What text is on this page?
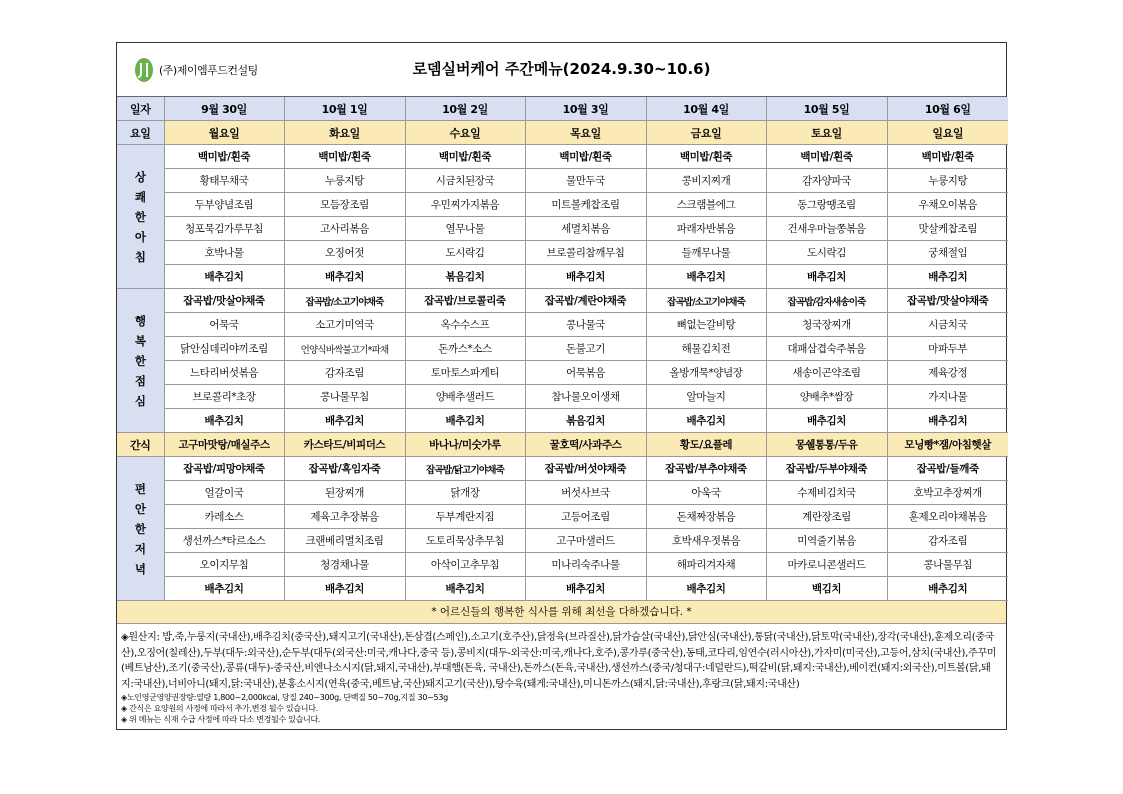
(주)제이엠푸드컨설팅	로뎀실버케어 주간메뉴(2024.9.30~10.6)
일자	9월 30일	10월 1일	10월 2일	10월 3일	10월 4일	10월 5일	10월 6일
요일	월요일	화요일	수요일	목요일	금요일	토요일	일요일
상
쾌
한
아
침	백미밥/흰죽	백미밥/흰죽	백미밥/흰죽	백미밥/흰죽	백미밥/흰죽	백미밥/흰죽	백미밥/흰죽
	황태무채국	누룽지탕	시금치된장국	물만두국	콩비지찌개	감자양파국	누룽지탕
	두부양념조림	모듬장조림	우민찌가지볶음	미트볼케찹조림	스크램블에그	동그랑땡조림	우채오이볶음
	청포묵김가루무침	고사리볶음	열무나물	세멸치볶음	파래자반볶음	건새우마늘쫑볶음	맛살케찹조림
	호박나물	오징어젓	도시락김	브로콜리참깨무침	들깨무나물	도시락김	궁채절임
	배추김치	배추김치	볶음김치	배추김치	배추김치	배추김치	배추김치
행
복
한
점
심	잡곡밥/맛살야채죽	잡곡밥/소고기야채죽	잡곡밥/브로콜리죽	잡곡밥/계란야채죽	잡곡밥/소고기야채죽	잡곡밥/감자새송이죽	잡곡밥/맛살야채죽
	어묵국	소고기미역국	옥수수스프	콩나물국	뼈없는갈비탕	청국장찌개	시금치국
	닭안심데리야끼조림	언양식바싹불고기*파채	돈까스*소스	돈불고기	해물김치전	대패삼겹숙주볶음	마파두부
	느타리버섯볶음	감자조림	토마토스파게티	어묵볶음	올방개묵*양념장	새송이곤약조림	제육강정
	브로콜리*초장	콩나물무침	양배추샐러드	참나물오이생채	알마늘지	양배추*쌈장	가지나물
	배추김치	배추김치	배추김치	볶음김치	배추김치	배추김치	배추김치
간식	고구마맛탕/매실주스	카스타드/비피더스	바나나/미숫가루	꿀호떡/사과주스	황도/요플레	몽쉘통통/두유	모닝빵*잼/아침햇살
편
안
한
저
녁	잡곡밥/피망야채죽	잡곡밥/흑임자죽	잡곡밥/닭고기야채죽	잡곡밥/버섯야채죽	잡곡밥/부추야채죽	잡곡밥/두부야채죽	잡곡밥/들깨죽
	얼갈이국	된장찌개	닭개장	버섯사브국	아욱국	수제비김치국	호박고추장찌개
	카레소스	제육고추장볶음	두부계란지짐	고등어조림	돈채짜장볶음	계란장조림	훈제오리야채볶음
	생선까스*타르소스	크랜베리멸치조림	도토리묵상추무침	고구마샐러드	호박새우젓볶음	미역줄기볶음	감자조림
	오이지무침	청경채나물	아삭이고추무침	미나리숙주나물	해파리겨자채	마카로니콘샐러드	콩나물무침
	배추김치	배추김치	배추김치	배추김치	배추김치	백김치	배추김치
* 어르신들의 행복한 식사를 위해 최선을 다하겠습니다. *
◈원산지: 밥,죽,누룽지(국내산),배추김치(중국산),돼지고기(국내산),돈삼겹(스페인),소고기(호주산),닭정육(브라질산),닭가슴살(국내산),닭안심(국내산),통닭(국내산),닭토막(국내산),장각(국내산),훈제오리(중국산),오징어(칠레산),두부(대두:외국산),순두부(대두(외국산:미국,캐나다,중국 등),콩비지(대두-외국산:미국,캐나다,호주),콩가루(중국산),동태,코다리,임연수(러시아산),가자미(미국산),고등어,삼치(국내산),주꾸미(베트남산),조기(중국산),콩류(대두)-중국산,비엔나소시지(닭,돼지,국내산),부대햄(돈육, 국내산),돈까스(돈육,국내산),생선까스(중국/청대구:네덜란드),떡갈비(닭,돼지:국내산),베이컨(돼지:외국산),미트볼(닭,돼지:국내산),너비아니(돼지,닭:국내산),분홍소시지(연육(중국,베트남,국산)돼지고기(국산)),탕수육(돼게:국내산),미니돈까스(돼지,닭:국내산),후랑크(닭,돼지:국내산)
◈노인영군영양권장량:열량 1,800~2,000kcal, 당질 240~300g, 단백질 50~70g,지질 30~53g
◈ 간식은 요양원의 사정에 따라서 추가,변경 될수 있습니다.
◈ 위 메뉴는 식재 수급 사정에 따라 다소 변경될수 있습니다.
